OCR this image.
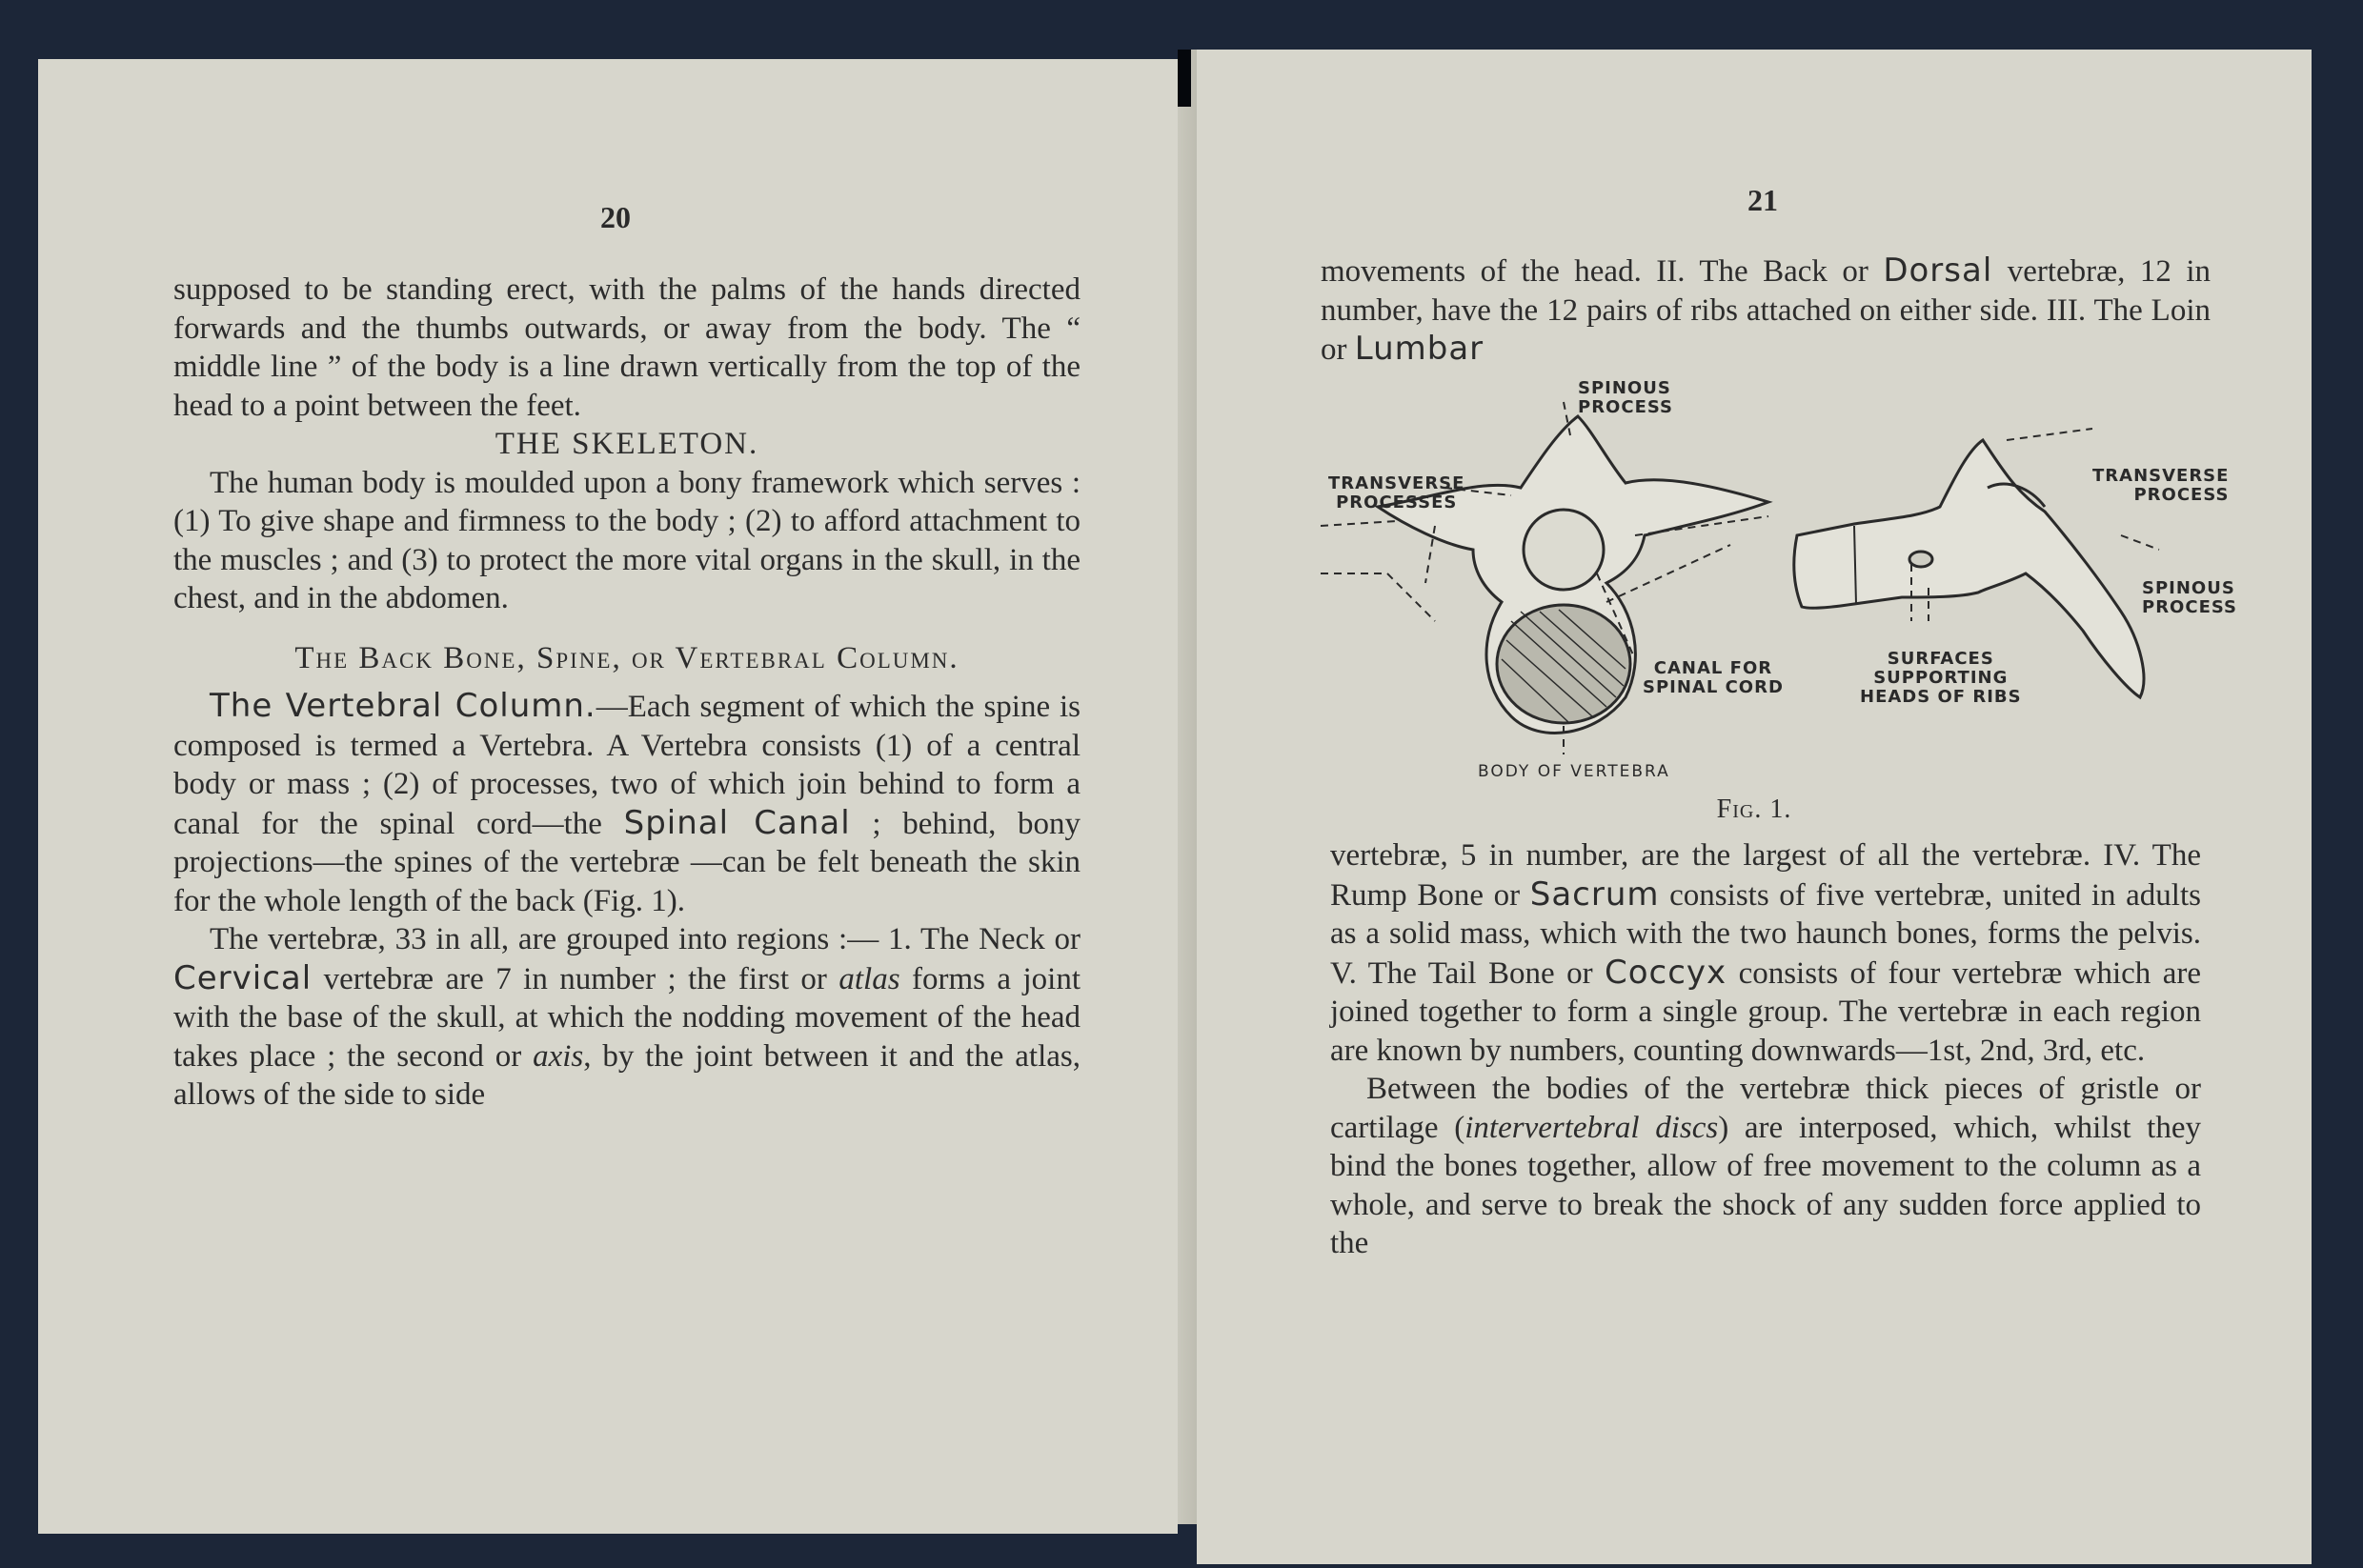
20

supposed to be standing erect, with the palms of the hands directed forwards and the thumbs outwards, or away from the body. The “ middle line ” of the body is a line drawn vertically from the top of the head to a point between the feet.

THE SKELETON.

The human body is moulded upon a bony framework which serves : (1) To give shape and firmness to the body ; (2) to afford attachment to the muscles ; and (3) to protect the more vital organs in the skull, in the chest, and in the abdomen.

The Back Bone, Spine, or Vertebral Column.

The Vertebral Column.—Each segment of which the spine is composed is termed a Vertebra. A Vertebra consists (1) of a central body or mass ; (2) of processes, two of which join behind to form a canal for the spinal cord—the Spinal Canal ; behind, bony projections—the spines of the vertebræ —can be felt beneath the skin for the whole length of the back (Fig. 1).

The vertebræ, 33 in all, are grouped into regions :— 1. The Neck or Cervical vertebræ are 7 in number ; the first or atlas forms a joint with the base of the skull, at which the nodding movement of the head takes place ; the second or axis, by the joint between it and the atlas, allows of the side to side

21

movements of the head. II. The Back or Dorsal vertebræ, 12 in number, have the 12 pairs of ribs attached on either side. III. The Loin or Lumbar

SPINOUS
PROCESS
TRANSVERSE
PROCESSES
TRANSVERSE
PROCESS
SPINOUS
PROCESS
CANAL FOR
SPINAL CORD
SURFACES
SUPPORTING
HEADS OF RIBS
BODY OF VERTEBRA
Fig. 1.

vertebræ, 5 in number, are the largest of all the vertebræ. IV. The Rump Bone or Sacrum consists of five vertebræ, united in adults as a solid mass, which with the two haunch bones, forms the pelvis. V. The Tail Bone or Coccyx consists of four vertebræ which are joined together to form a single group. The vertebræ in each region are known by numbers, counting downwards—1st, 2nd, 3rd, etc.

Between the bodies of the vertebræ thick pieces of gristle or cartilage (intervertebral discs) are interposed, which, whilst they bind the bones together, allow of free movement to the column as a whole, and serve to break the shock of any sudden force applied to the
